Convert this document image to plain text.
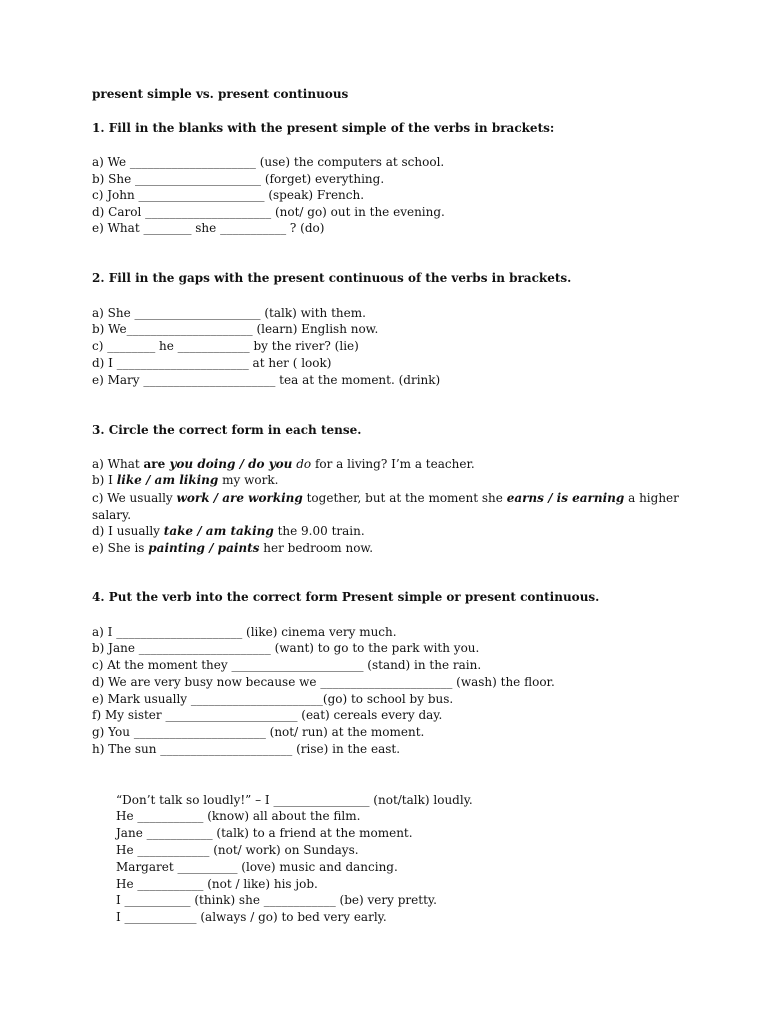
present simple vs. present continuous
1. Fill in the blanks with the present simple of the verbs in brackets:
a) We _____________________ (use) the computers at school.
b) She _____________________ (forget) everything.
c) John _____________________ (speak) French.
d) Carol _____________________ (not/ go) out in the evening.
e) What ________ she ___________ ? (do)
2. Fill in the gaps with the present continuous of the verbs in brackets.
a) She _____________________ (talk) with them.
b) We_____________________ (learn) English now.
c) ________ he ____________ by the river? (lie)
d) I ______________________ at her ( look)
e) Mary ______________________ tea at the moment. (drink)
3. Circle the correct form in each tense.
a) What are you doing / do you do for a living? I’m a teacher.
b) I like / am liking my work.
c) We usually work / are working together, but at the moment she earns / is earning a higher salary.
d) I usually take / am taking the 9.00 train.
e) She is painting / paints her bedroom now.
4. Put the verb into the correct form Present simple or present continuous.
a) I _____________________ (like) cinema very much.
b) Jane ______________________ (want) to go to the park with you.
c) At the moment they ______________________ (stand) in the rain.
d) We are very busy now because we ______________________ (wash) the floor.
e) Mark usually ______________________(go) to school by bus.
f) My sister ______________________ (eat) cereals every day.
g) You ______________________ (not/ run) at the moment.
h) The sun ______________________ (rise) in the east.
“Don’t talk so loudly!” – I ________________ (not/talk) loudly.
He ___________ (know) all about the film.
Jane ___________ (talk) to a friend at the moment.
He ____________ (not/ work) on Sundays.
Margaret __________ (love) music and dancing.
He ___________ (not / like) his job.
I ___________ (think) she ____________ (be) very pretty.
I ____________ (always / go) to bed very early.
